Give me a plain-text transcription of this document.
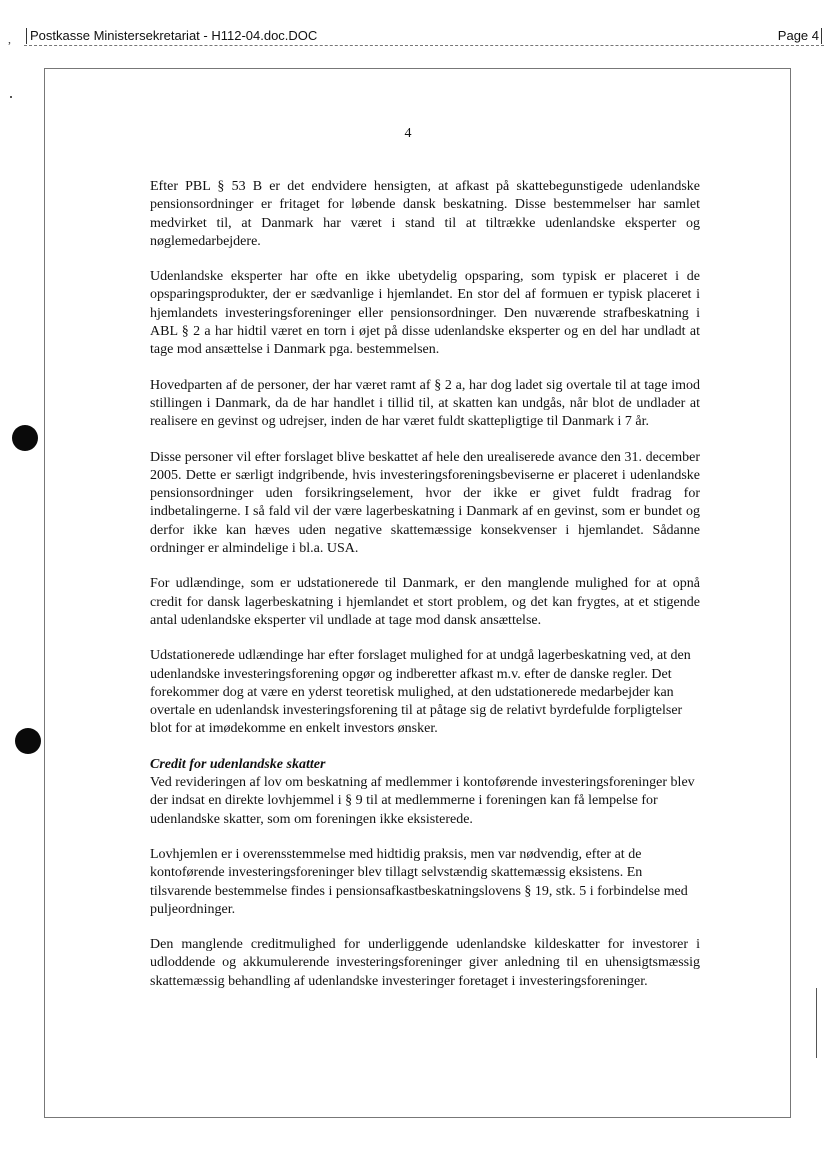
,	Postkasse Ministersekretariat - H112-04.doc.DOC	Page 4
4

Efter PBL § 53 B er det endvidere hensigten, at afkast på skattebegunstigede udenlandske pensionsordninger er fritaget for løbende dansk beskatning. Disse bestemmelser har samlet medvirket til, at Danmark har været i stand til at tiltrække udenlandske eksperter og nøglemedarbejdere.

Udenlandske eksperter har ofte en ikke ubetydelig opsparing, som typisk er placeret i de opsparingsprodukter, der er sædvanlige i hjemlandet. En stor del af formuen er typisk placeret i hjemlandets investeringsforeninger eller pensionsordninger. Den nuværende strafbeskatning i ABL § 2 a har hidtil været en torn i øjet på disse udenlandske eksperter og en del har undladt at tage mod ansættelse i Danmark pga. bestemmelsen.

Hovedparten af de personer, der har været ramt af § 2 a, har dog ladet sig overtale til at tage imod stillingen i Danmark, da de har handlet i tillid til, at skatten kan undgås, når blot de undlader at realisere en gevinst og udrejser, inden de har været fuldt skattepligtige til Danmark i 7 år.

Disse personer vil efter forslaget blive beskattet af hele den urealiserede avance den 31. december 2005. Dette er særligt indgribende, hvis investeringsforeningsbeviserne er placeret i udenlandske pensionsordninger uden forsikringselement, hvor der ikke er givet fuldt fradrag for indbetalingerne. I så fald vil der være lagerbeskatning i Danmark af en gevinst, som er bundet og derfor ikke kan hæves uden negative skattemæssige konsekvenser i hjemlandet. Sådanne ordninger er almindelige i bl.a. USA.

For udlændinge, som er udstationerede til Danmark, er den manglende mulighed for at opnå credit for dansk lagerbeskatning i hjemlandet et stort problem, og det kan frygtes, at et stigende antal udenlandske eksperter vil undlade at tage mod dansk ansættelse.

Udstationerede udlændinge har efter forslaget mulighed for at undgå lagerbeskatning ved, at den udenlandske investeringsforening opgør og indberetter afkast m.v. efter de danske regler. Det forekommer dog at være en yderst teoretisk mulighed, at den udstationerede medarbejder kan overtale en udenlandsk investeringsforening til at påtage sig de relativt byrdefulde forpligtelser blot for at imødekomme en enkelt investors ønsker.

Credit for udenlandske skatter

Ved revideringen af lov om beskatning af medlemmer i kontoførende investeringsforeninger blev der indsat en direkte lovhjemmel i § 9 til at medlemmerne i foreningen kan få lempelse for udenlandske skatter, som om foreningen ikke eksisterede.

Lovhjemlen er i overensstemmelse med hidtidig praksis, men var nødvendig, efter at de kontoførende investeringsforeninger blev tillagt selvstændig skattemæssig eksistens. En tilsvarende bestemmelse findes i pensionsafkastbeskatningslovens § 19, stk. 5 i forbindelse med puljeordninger.

Den manglende creditmulighed for underliggende udenlandske kildeskatter for investorer i udloddende og akkumulerende investeringsforeninger giver anledning til en uhensigtsmæssig skattemæssig behandling af udenlandske investeringer foretaget i investeringsforeninger.
